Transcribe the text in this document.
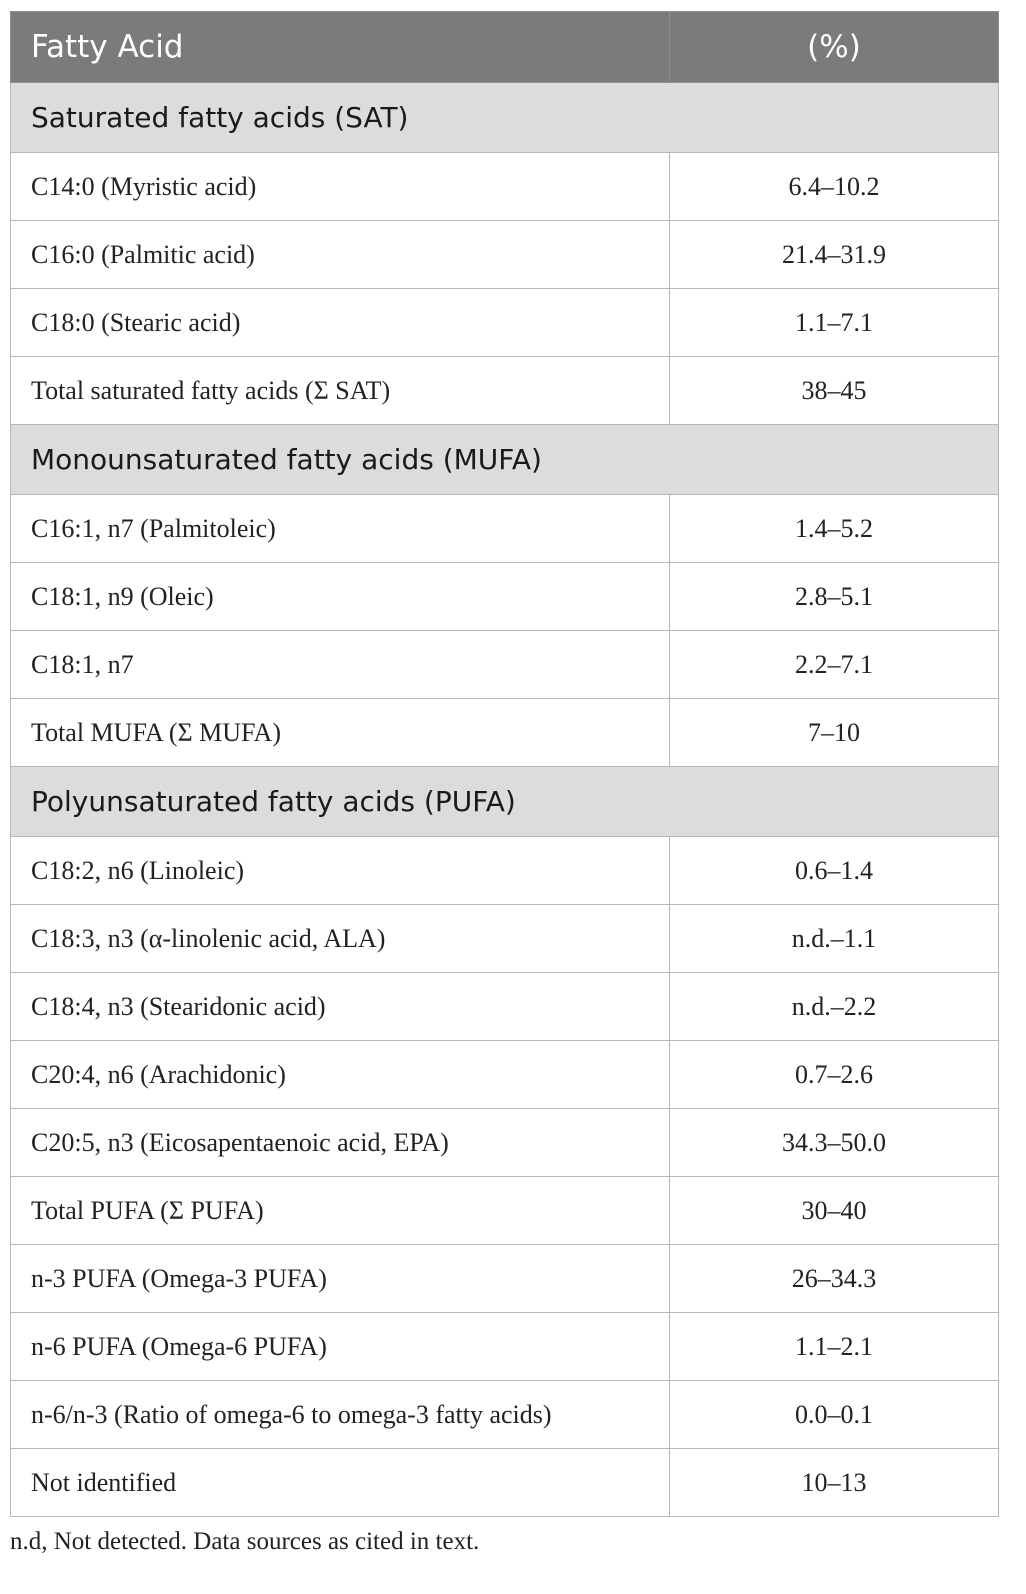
Fatty Acid	(%)
Saturated fatty acids (SAT)	
C14:0 (Myristic acid)	6.4–10.2
C16:0 (Palmitic acid)	21.4–31.9
C18:0 (Stearic acid)	1.1–7.1
Total saturated fatty acids (Σ SAT)	38–45
Monounsaturated fatty acids (MUFA)	
C16:1, n7 (Palmitoleic)	1.4–5.2
C18:1, n9 (Oleic)	2.8–5.1
C18:1, n7	2.2–7.1
Total MUFA (Σ MUFA)	7–10
Polyunsaturated fatty acids (PUFA)	
C18:2, n6 (Linoleic)	0.6–1.4
C18:3, n3 (α-linolenic acid, ALA)	n.d.–1.1
C18:4, n3 (Stearidonic acid)	n.d.–2.2
C20:4, n6 (Arachidonic)	0.7–2.6
C20:5, n3 (Eicosapentaenoic acid, EPA)	34.3–50.0
Total PUFA (Σ PUFA)	30–40
n-3 PUFA (Omega-3 PUFA)	26–34.3
n-6 PUFA (Omega-6 PUFA)	1.1–2.1
n-6/n-3 (Ratio of omega-6 to omega-3 fatty acids)	0.0–0.1
Not identified	10–13
n.d, Not detected. Data sources as cited in text.
